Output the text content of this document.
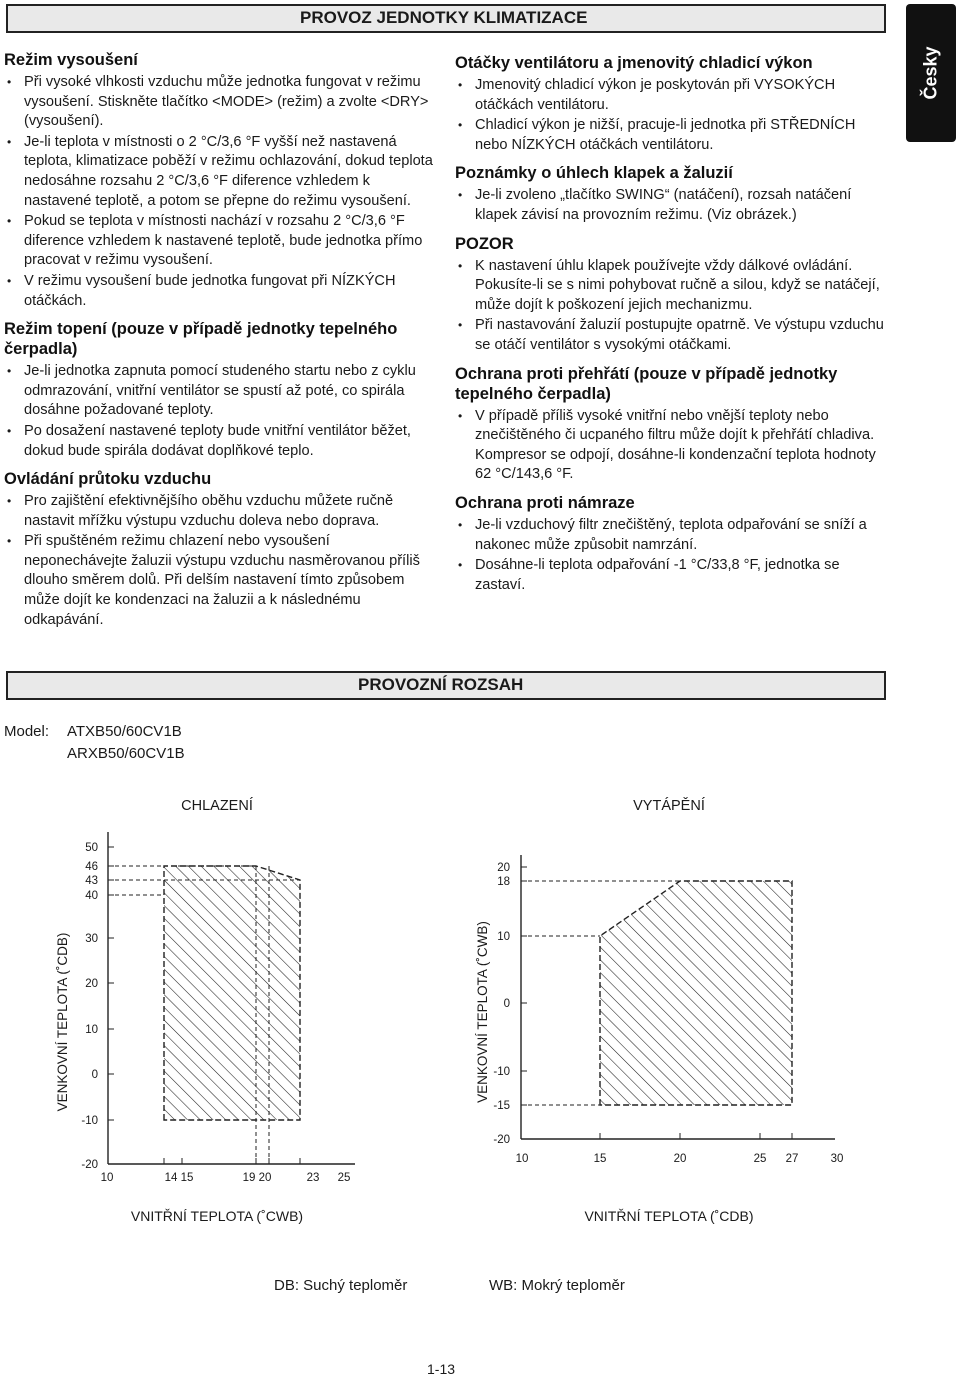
PROVOZ JEDNOTKY KLIMATIZACE
Česky
Režim vysoušení
• Při vysoké vlhkosti vzduchu může jednotka fungovat v režimu vysoušení. Stiskněte tlačítko <MODE> (režim) a zvolte <DRY> (vysoušení).
• Je-li teplota v místnosti o 2 °C/3,6 °F vyšší než nastavená teplota, klimatizace poběží v režimu ochlazování, dokud teplota nedosáhne rozsahu 2 °C/3,6 °F diference vzhledem k nastavené teplotě, a potom se přepne do režimu vysoušení.
• Pokud se teplota v místnosti nachází v rozsahu 2 °C/3,6 °F diference vzhledem k nastavené teplotě, bude jednotka přímo pracovat v režimu vysoušení.
• V režimu vysoušení bude jednotka fungovat při NÍZKÝCH otáčkách.
Režim topení (pouze v případě jednotky tepelného čerpadla)
• Je-li jednotka zapnuta pomocí studeného startu nebo z cyklu odmrazování, vnitřní ventilátor se spustí až poté, co spirála dosáhne požadované teploty.
• Po dosažení nastavené teploty bude vnitřní ventilátor běžet, dokud bude spirála dodávat doplňkové teplo.
Ovládání průtoku vzduchu
• Pro zajištění efektivnějšího oběhu vzduchu můžete ručně nastavit mřížku výstupu vzduchu doleva nebo doprava.
• Při spuštěném režimu chlazení nebo vysoušení neponechávejte žaluzii výstupu vzduchu nasměrovanou příliš dlouho směrem dolů. Při delším nastavení tímto způsobem může dojít ke kondenzaci na žaluzii a k následnému odkapávání.
Otáčky ventilátoru a jmenovitý chladicí výkon
• Jmenovitý chladicí výkon je poskytován při VYSOKÝCH otáčkách ventilátoru.
• Chladicí výkon je nižší, pracuje-li jednotka při STŘEDNÍCH nebo NÍZKÝCH otáčkách ventilátoru.
Poznámky o úhlech klapek a žaluzií
• Je-li zvoleno „tlačítko SWING“ (natáčení), rozsah natáčení klapek závisí na provozním režimu. (Viz obrázek.)
POZOR
• K nastavení úhlu klapek používejte vždy dálkové ovládání. Pokusíte-li se s nimi pohybovat ručně a silou, když se natáčejí, může dojít k poškození jejich mechanizmu.
• Při nastavování žaluzií postupujte opatrně. Ve výstupu vzduchu se otáčí ventilátor s vysokými otáčkami.
Ochrana proti přehřátí (pouze v případě jednotky tepelného čerpadla)
• V případě příliš vysoké vnitřní nebo vnější teploty nebo znečištěného či ucpaného filtru může dojít k přehřátí chladiva. Kompresor se odpojí, dosáhne-li kondenzační teplota hodnoty 62 °C/143,6 °F.
Ochrana proti námraze
• Je-li vzduchový filtr znečištěný, teplota odpařování se sníží a nakonec může způsobit namrzání.
• Dosáhne-li teplota odpařování -1 °C/33,8 °F, jednotka se zastaví.
PROVOZNÍ ROZSAH
Model: ATXB50/60CV1B
ARXB50/60CV1B
CHLAZENÍ
50
46
43
40
30
20
10
0
-10
-20
10	14 15	19 20	23 25
VNITŘNÍ TEPLOTA (˚CWB)
VENKOVNÍ TEPLOTA (˚CDB)
VYTÁPĚNÍ
20
18
10
0
-10
-15
-20
10	15	20	25 27	30
VNITŘNÍ TEPLOTA (˚CDB)
VENKOVNÍ TEPLOTA (˚CWB)
DB: Suchý teploměr	WB: Mokrý teploměr
1-13
